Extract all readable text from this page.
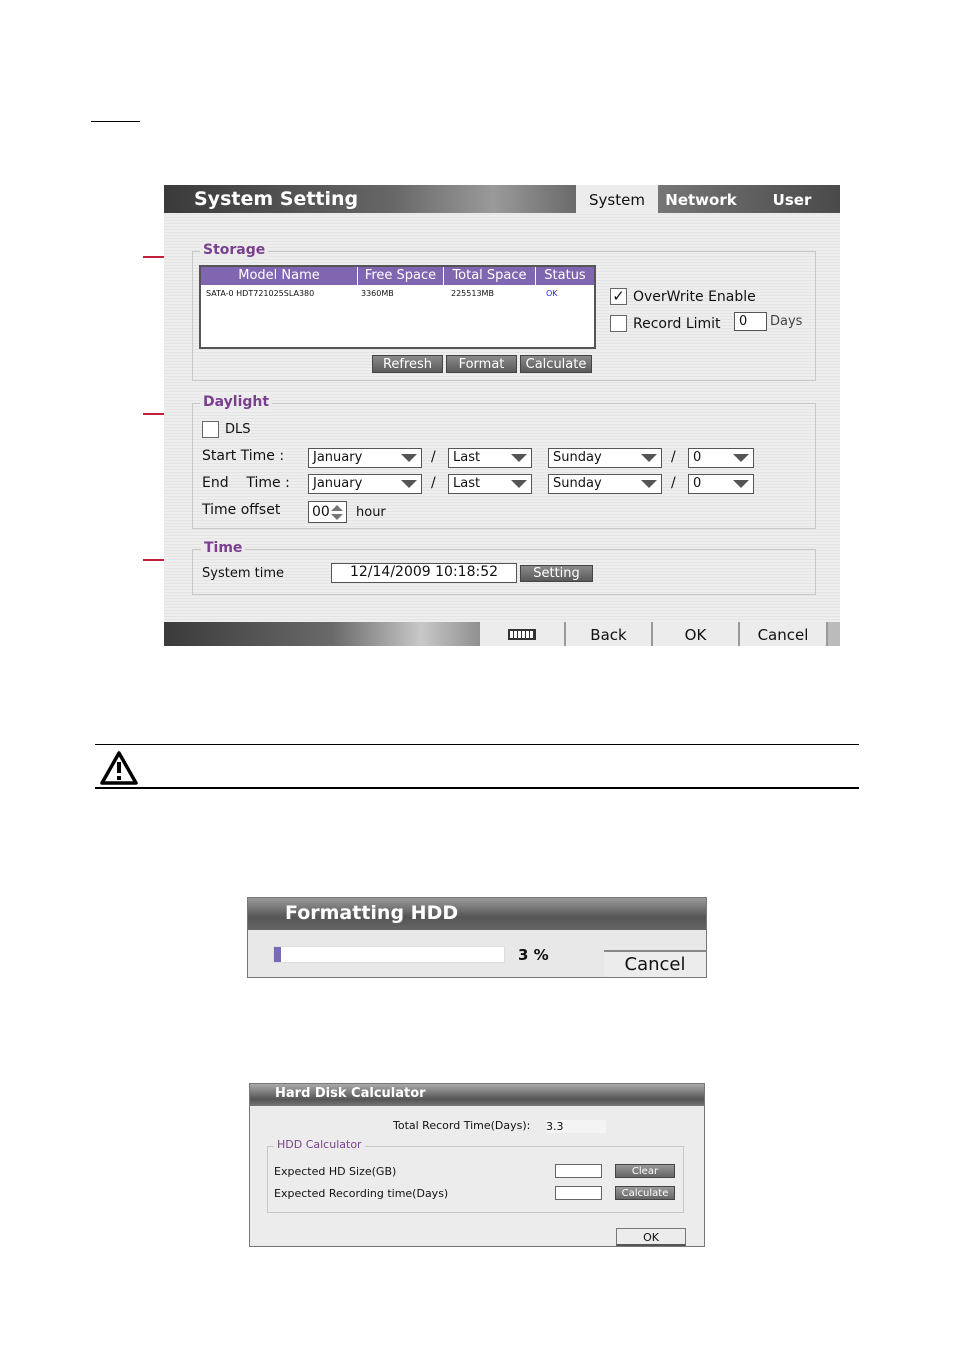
System Setting	System	Network	User
Storage
Model Name	Free Space	Total Space	Status
SATA-0 HDT721025SLA380	3360MB	225513MB	OK
Refresh	Format	Calculate
✓ OverWrite Enable
Record Limit	0	Days
Daylight
DLS
Start Time :	January	/	Last	Sunday	/	0
End    Time :	January	/	Last	Sunday	/	0
Time offset 00	hour
Time
System time	12/14/2009 10:18:52	Setting
Back	OK	Cancel
Formatting HDD
3 %	Cancel
Hard Disk Calculator
Total Record Time(Days): 3.3
HDD Calculator
Expected HD Size(GB)	Clear
Expected Recording time(Days)	Calculate
OK
